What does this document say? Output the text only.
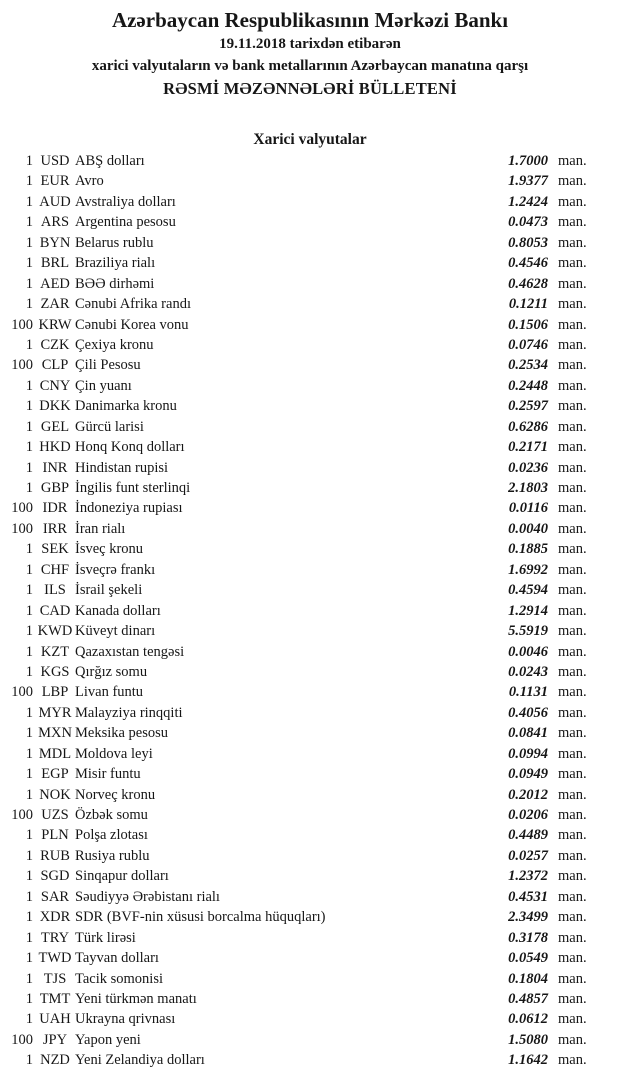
Azərbaycan Respublikasının Mərkəzi Bankı
19.11.2018 tarixdən etibarən
xarici valyutaların və bank metallarının Azərbaycan manatına qarşı
RƏSMİ MƏZƏNNƏLƏRİ BÜLLETENİ
Xarici valyutalar
1 USD ABŞ dolları	1.7000 man.
1 EUR Avro	1.9377 man.
1 AUD Avstraliya dolları	1.2424 man.
1 ARS Argentina pesosu	0.0473 man.
1 BYN Belarus rublu	0.8053 man.
1 BRL Braziliya rialı	0.4546 man.
1 AED BƏƏ dirhəmi	0.4628 man.
1 ZAR Cənubi Afrika randı	0.1211 man.
100 KRW Cənubi Korea vonu	0.1506 man.
1 CZK Çexiya kronu	0.0746 man.
100 CLP Çili Pesosu	0.2534 man.
1 CNY Çin yuanı	0.2448 man.
1 DKK Danimarka kronu	0.2597 man.
1 GEL Gürcü larisi	0.6286 man.
1 HKD Honq Konq dolları	0.2171 man.
1 INR Hindistan rupisi	0.0236 man.
1 GBP İngilis funt sterlinqi	2.1803 man.
100 IDR İndoneziya rupiası	0.0116 man.
100 IRR İran rialı	0.0040 man.
1 SEK İsveç kronu	0.1885 man.
1 CHF İsveçrə frankı	1.6992 man.
1 ILS İsrail şekeli	0.4594 man.
1 CAD Kanada dolları	1.2914 man.
1 KWD Küveyt dinarı	5.5919 man.
1 KZT Qazaxıstan tengəsi	0.0046 man.
1 KGS Qırğız somu	0.0243 man.
100 LBP Livan funtu	0.1131 man.
1 MYR Malayziya rinqqiti	0.4056 man.
1 MXN Meksika pesosu	0.0841 man.
1 MDL Moldova leyi	0.0994 man.
1 EGP Misir funtu	0.0949 man.
1 NOK Norveç kronu	0.2012 man.
100 UZS Özbək somu	0.0206 man.
1 PLN Polşa zlotası	0.4489 man.
1 RUB Rusiya rublu	0.0257 man.
1 SGD Sinqapur dolları	1.2372 man.
1 SAR Səudiyyə Ərəbistanı rialı	0.4531 man.
1 XDR SDR (BVF-nin xüsusi borcalma hüquqları)	2.3499 man.
1 TRY Türk lirəsi	0.3178 man.
1 TWD Tayvan dolları	0.0549 man.
1 TJS Tacik somonisi	0.1804 man.
1 TMT Yeni türkmən manatı	0.4857 man.
1 UAH Ukrayna qrivnası	0.0612 man.
100 JPY Yapon yeni	1.5080 man.
1 NZD Yeni Zelandiya dolları	1.1642 man.
